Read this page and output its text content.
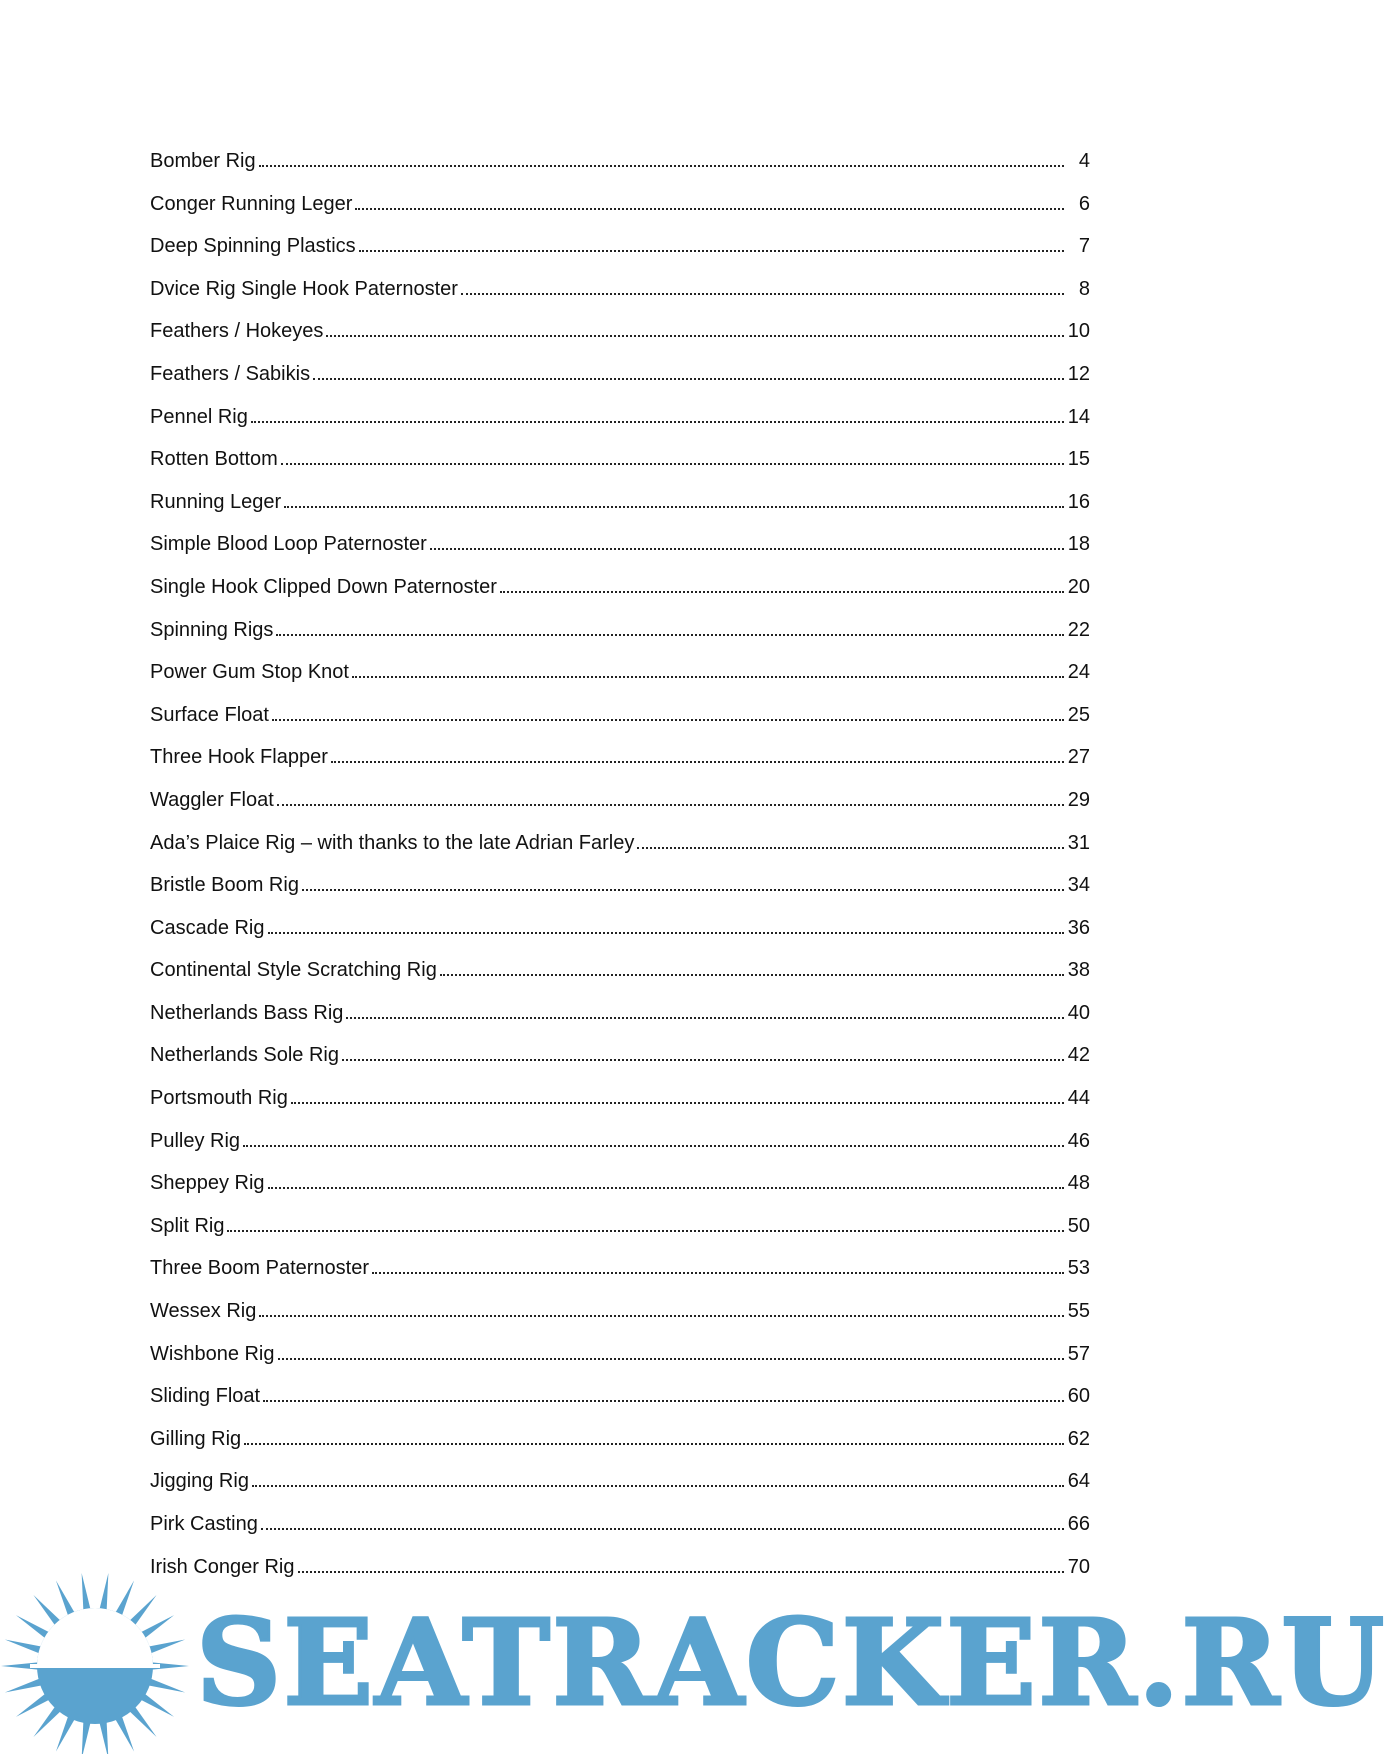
Bomber Rig	4
Conger Running Leger	6
Deep Spinning Plastics	7
Dvice Rig Single Hook Paternoster	8
Feathers / Hokeyes	10
Feathers / Sabikis	12
Pennel Rig	14
Rotten Bottom	15
Running Leger	16
Simple Blood Loop Paternoster	18
Single Hook Clipped Down Paternoster	20
Spinning Rigs	22
Power Gum Stop Knot	24
Surface Float	25
Three Hook Flapper	27
Waggler Float	29
Ada’s Plaice Rig – with thanks to the late Adrian Farley	31
Bristle Boom Rig	34
Cascade Rig	36
Continental Style Scratching Rig	38
Netherlands Bass Rig	40
Netherlands Sole Rig	42
Portsmouth Rig	44
Pulley Rig	46
Sheppey Rig	48
Split Rig	50
Three Boom Paternoster	53
Wessex Rig	55
Wishbone Rig	57
Sliding Float	60
Gilling Rig	62
Jigging Rig	64
Pirk Casting	66
Irish Conger Rig	70
SEATRACKER.RU
